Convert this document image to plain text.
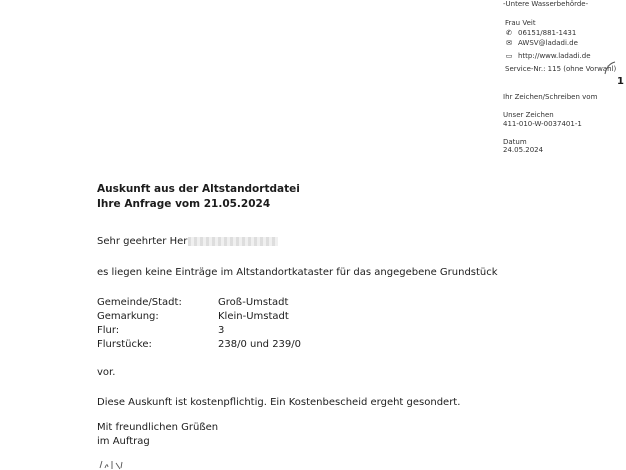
-Untere Wasserbehörde-
Frau Veit
✆ 06151/881-1431
✉ AWSV@ladadi.de
▭ http://www.ladadi.de
Service-Nr.: 115 (ohne Vorwahl)
1
Ihr Zeichen/Schreiben vom
Unser Zeichen
411-010-W-0037401-1
Datum
24.05.2024
Auskunft aus der Altstandortdatei
Ihre Anfrage vom 21.05.2024
Sehr geehrter Her
es liegen keine Einträge im Altstandortkataster für das angegebene Grundstück
Gemeinde/Stadt:	Groß-Umstadt
Gemarkung:	Klein-Umstadt
Flur:	3
Flurstücke:	238/0 und 239/0
vor.
Diese Auskunft ist kostenpflichtig. Ein Kostenbescheid ergeht gesondert.
Mit freundlichen Grüßen
im Auftrag
